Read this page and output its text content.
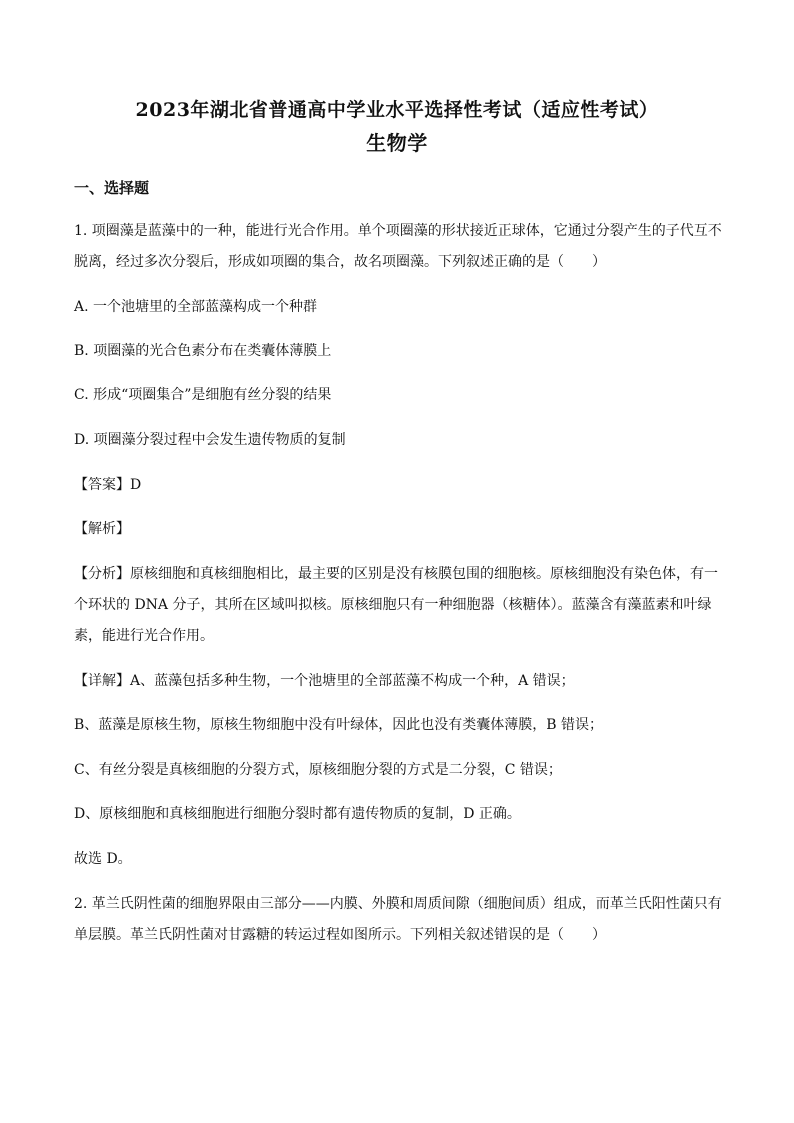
2023年湖北省普通高中学业水平选择性考试（适应性考试）
生物学
一、选择题
1. 项圈藻是蓝藻中的一种，能进行光合作用。单个项圈藻的形状接近正球体，它通过分裂产生的子代互不
脱离，经过多次分裂后，形成如项圈的集合，故名项圈藻。下列叙述正确的是（　　）
A. 一个池塘里的全部蓝藻构成一个种群
B. 项圈藻的光合色素分布在类囊体薄膜上
C. 形成“项圈集合”是细胞有丝分裂的结果
D. 项圈藻分裂过程中会发生遗传物质的复制
【答案】D
【解析】
【分析】原核细胞和真核细胞相比，最主要的区别是没有核膜包围的细胞核。原核细胞没有染色体，有一
个环状的 DNA 分子，其所在区域叫拟核。原核细胞只有一种细胞器（核糖体）。蓝藻含有藻蓝素和叶绿
素，能进行光合作用。
【详解】A、蓝藻包括多种生物，一个池塘里的全部蓝藻不构成一个种，A 错误；
B、蓝藻是原核生物，原核生物细胞中没有叶绿体，因此也没有类囊体薄膜，B 错误；
C、有丝分裂是真核细胞的分裂方式，原核细胞分裂的方式是二分裂，C 错误；
D、原核细胞和真核细胞进行细胞分裂时都有遗传物质的复制，D 正确。
故选 D。
2. 革兰氏阴性菌的细胞界限由三部分——内膜、外膜和周质间隙（细胞间质）组成，而革兰氏阳性菌只有
单层膜。革兰氏阴性菌对甘露糖的转运过程如图所示。下列相关叙述错误的是（　　）
